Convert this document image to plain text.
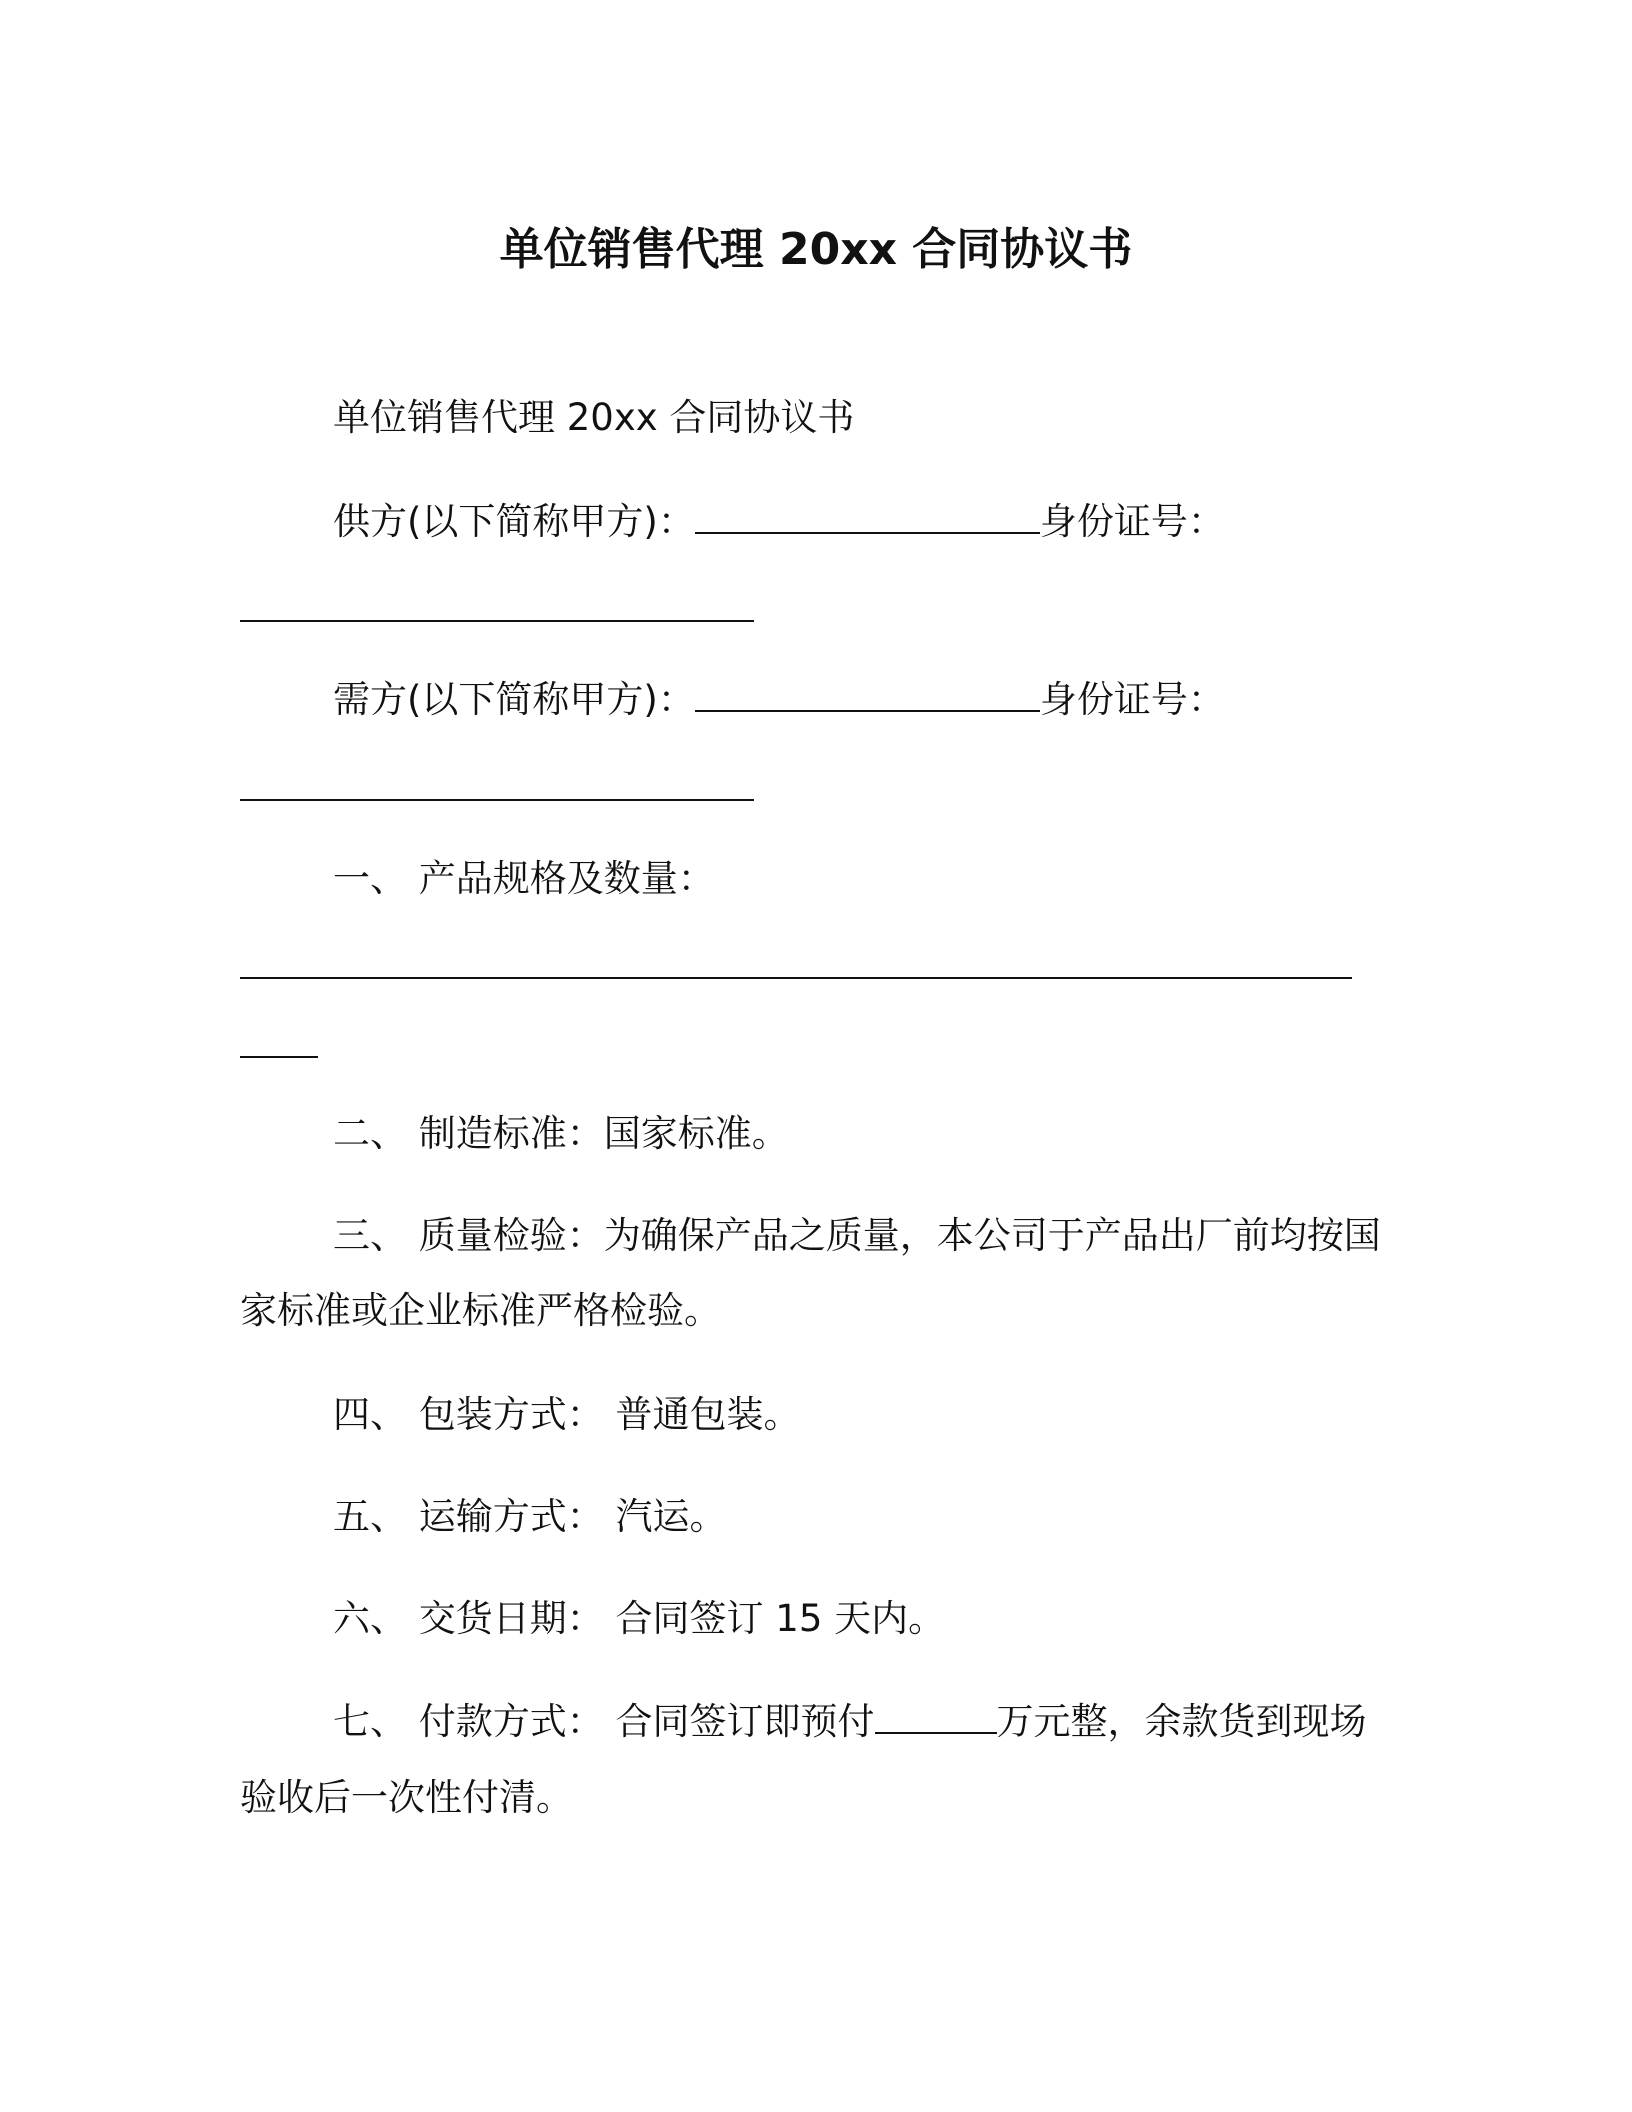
单位销售代理 20xx 合同协议书
单位销售代理 20xx 合同协议书
供方(以下简称甲方)：	身份证号：
需方(以下简称甲方)：	身份证号：
一、 产品规格及数量：
二、 制造标准：国家标准。
三、 质量检验：为确保产品之质量，本公司于产品出厂前均按国
家标准或企业标准严格检验。
四、 包装方式： 普通包装。
五、 运输方式： 汽运。
六、 交货日期： 合同签订 15 天内。
七、 付款方式： 合同签订即预付	万元整，余款货到现场
验收后一次性付清。
